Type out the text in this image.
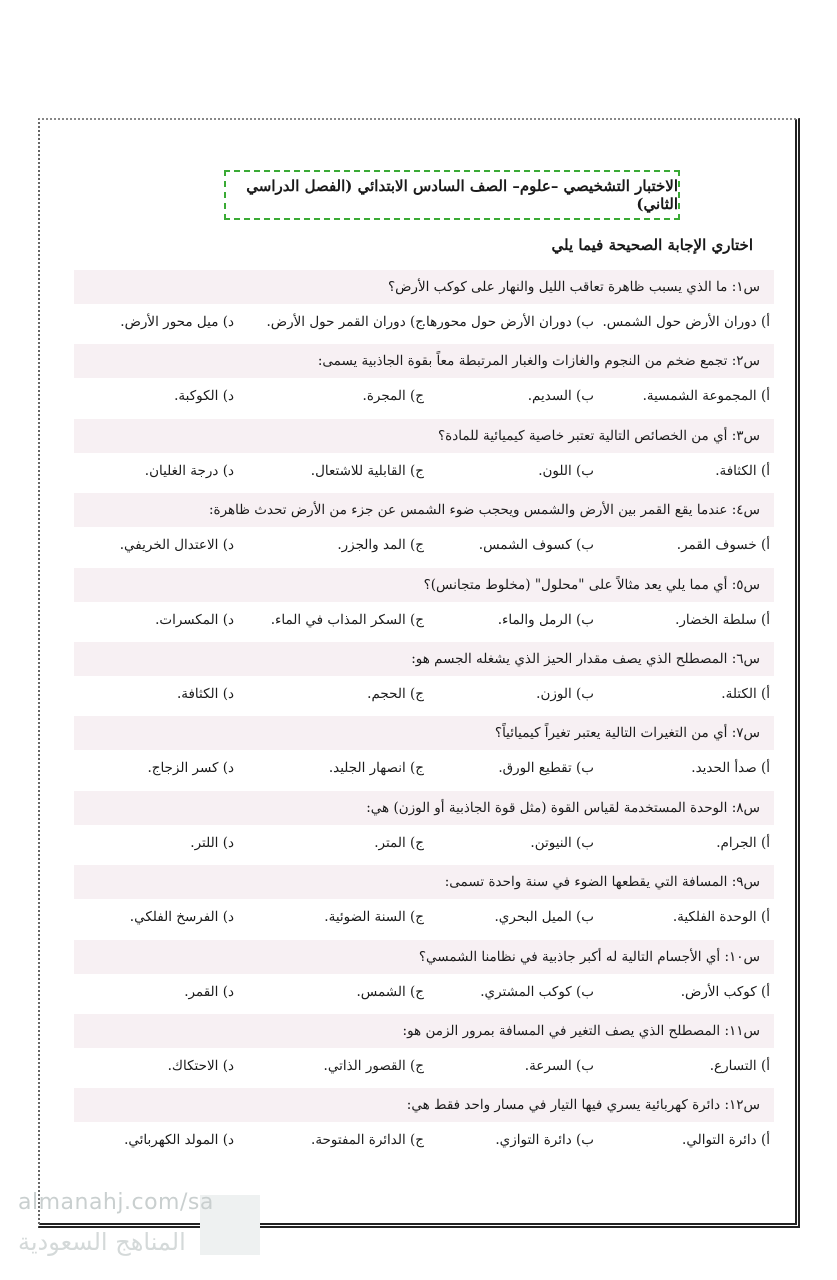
الاختبار التشخيصي –علوم– الصف السادس الابتدائي (الفصل الدراسي الثاني)
اختاري الإجابة الصحيحة فيما يلي
س١: ما الذي يسبب ظاهرة تعاقب الليل والنهار على كوكب الأرض؟
أ) دوران الأرض حول الشمس.
ب) دوران الأرض حول محورها.
ج) دوران القمر حول الأرض.
د) ميل محور الأرض.
س٢: تجمع ضخم من النجوم والغازات والغبار المرتبطة معاً بقوة الجاذبية يسمى:
أ) المجموعة الشمسية.
ب) السديم.
ج) المجرة.
د) الكوكبة.
س٣: أي من الخصائص التالية تعتبر خاصية كيميائية للمادة؟
أ) الكثافة.
ب) اللون.
ج) القابلية للاشتعال.
د) درجة الغليان.
س٤: عندما يقع القمر بين الأرض والشمس ويحجب ضوء الشمس عن جزء من الأرض تحدث ظاهرة:
أ) خسوف القمر.
ب) كسوف الشمس.
ج) المد والجزر.
د) الاعتدال الخريفي.
س٥: أي مما يلي يعد مثالاً على "محلول" (مخلوط متجانس)؟
أ) سلطة الخضار.
ب) الرمل والماء.
ج) السكر المذاب في الماء.
د) المكسرات.
س٦: المصطلح الذي يصف مقدار الحيز الذي يشغله الجسم هو:
أ) الكتلة.
ب) الوزن.
ج) الحجم.
د) الكثافة.
س٧: أي من التغيرات التالية يعتبر تغيراً كيميائياً؟
أ) صدأ الحديد.
ب) تقطيع الورق.
ج) انصهار الجليد.
د) كسر الزجاج.
س٨: الوحدة المستخدمة لقياس القوة (مثل قوة الجاذبية أو الوزن) هي:
أ) الجرام.
ب) النيوتن.
ج) المتر.
د) اللتر.
س٩: المسافة التي يقطعها الضوء في سنة واحدة تسمى:
أ) الوحدة الفلكية.
ب) الميل البحري.
ج) السنة الضوئية.
د) الفرسخ الفلكي.
س١٠: أي الأجسام التالية له أكبر جاذبية في نظامنا الشمسي؟
أ) كوكب الأرض.
ب) كوكب المشتري.
ج) الشمس.
د) القمر.
س١١: المصطلح الذي يصف التغير في المسافة بمرور الزمن هو:
أ) التسارع.
ب) السرعة.
ج) القصور الذاتي.
د) الاحتكاك.
س١٢: دائرة كهربائية يسري فيها التيار في مسار واحد فقط هي:
أ) دائرة التوالي.
ب) دائرة التوازي.
ج) الدائرة المفتوحة.
د) المولد الكهربائي.
almanahj.com/sa
المناهج السعودية
